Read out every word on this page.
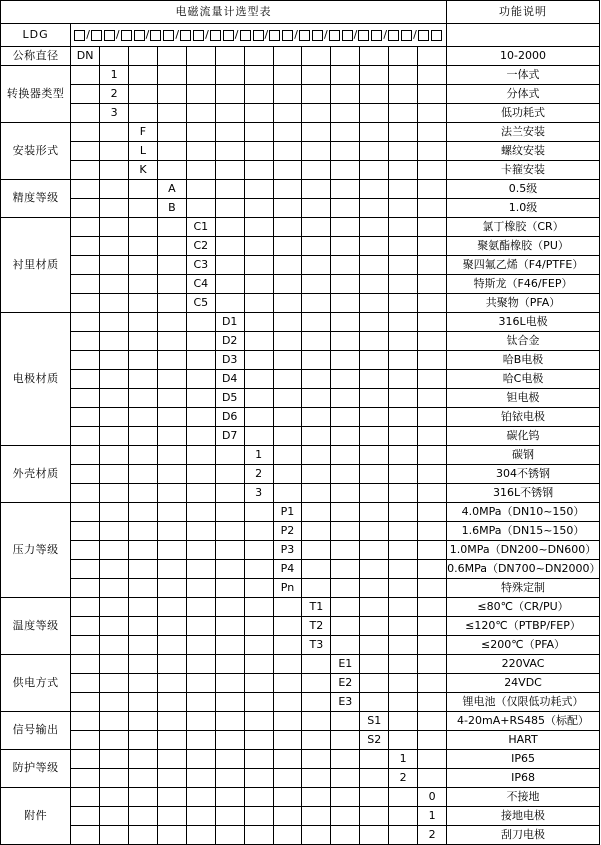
电磁流量计选型表														功能说明
LDG	/ / / / / / / / / / / /

公称直径	DN													10-2000
转换器类型		1												一体式
		2												分体式
		3												低功耗式
安装形式			F											法兰安装
			L											螺纹安装
			K											卡箍安装
精度等级				A										0.5级
				B										1.0级
衬里材质					C1									氯丁橡胶（CR）
					C2									聚氨酯橡胶（PU）
					C3									聚四氟乙烯（F4/PTFE）
					C4									特斯龙（F46/FEP）
					C5									共聚物（PFA）
电极材质						D1								316L电极
						D2								钛合金
						D3								哈B电极
						D4								哈C电极
						D5								钽电极
						D6								铂铱电极
						D7								碳化钨
外壳材质							1							碳钢
							2							304不锈钢
							3							316L不锈钢
压力等级								P1						4.0MPa（DN10~150）
								P2						1.6MPa（DN15~150）
								P3						1.0MPa（DN200~DN600）
								P4						0.6MPa（DN700~DN2000）
								Pn						特殊定制
温度等级									T1					≤80℃（CR/PU）
									T2					≤120℃（PTBP/FEP）
									T3					≤200℃（PFA）
供电方式										E1				220VAC
										E2				24VDC
										E3				锂电池（仅限低功耗式）
信号输出											S1			4-20mA+RS485（标配）
											S2			HART
防护等级												1		IP65
												2		IP68
附件													0	不接地
													1	接地电极
													2	刮刀电极
